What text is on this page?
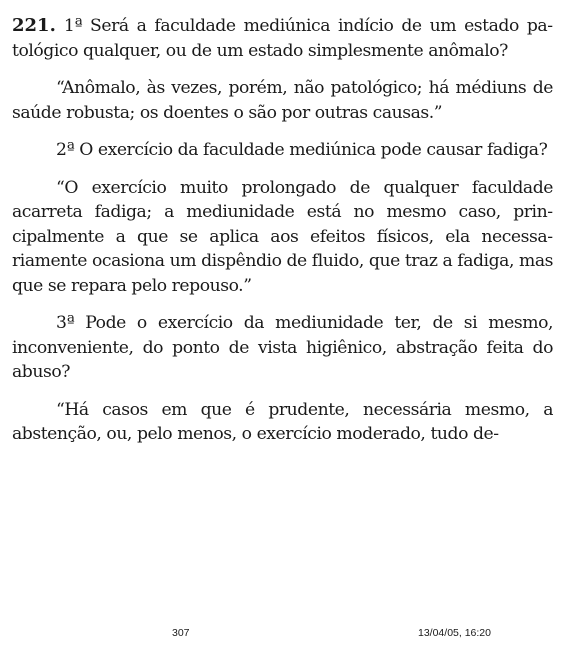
221. 1ª Será a faculdade mediúnica indício de um estado patológico qualquer, ou de um estado simplesmente anômalo?

“Anômalo, às vezes, porém, não patológico; há médiuns de saúde robusta; os doentes o são por outras causas.”

2ª O exercício da faculdade mediúnica pode causar fadiga?

“O exercício muito prolongado de qualquer faculdade acarreta fadiga; a mediunidade está no mesmo caso, principalmente a que se aplica aos efeitos físicos, ela necessariamente ocasiona um dispêndio de fluido, que traz a fadiga, mas que se repara pelo repouso.”

3ª Pode o exercício da mediunidade ter, de si mesmo, inconveniente, do ponto de vista higiênico, abstração feita do abuso?

“Há casos em que é prudente, necessária mesmo, a abstenção, ou, pelo menos, o exercício moderado, tudo de-

307	13/04/05, 16:20
